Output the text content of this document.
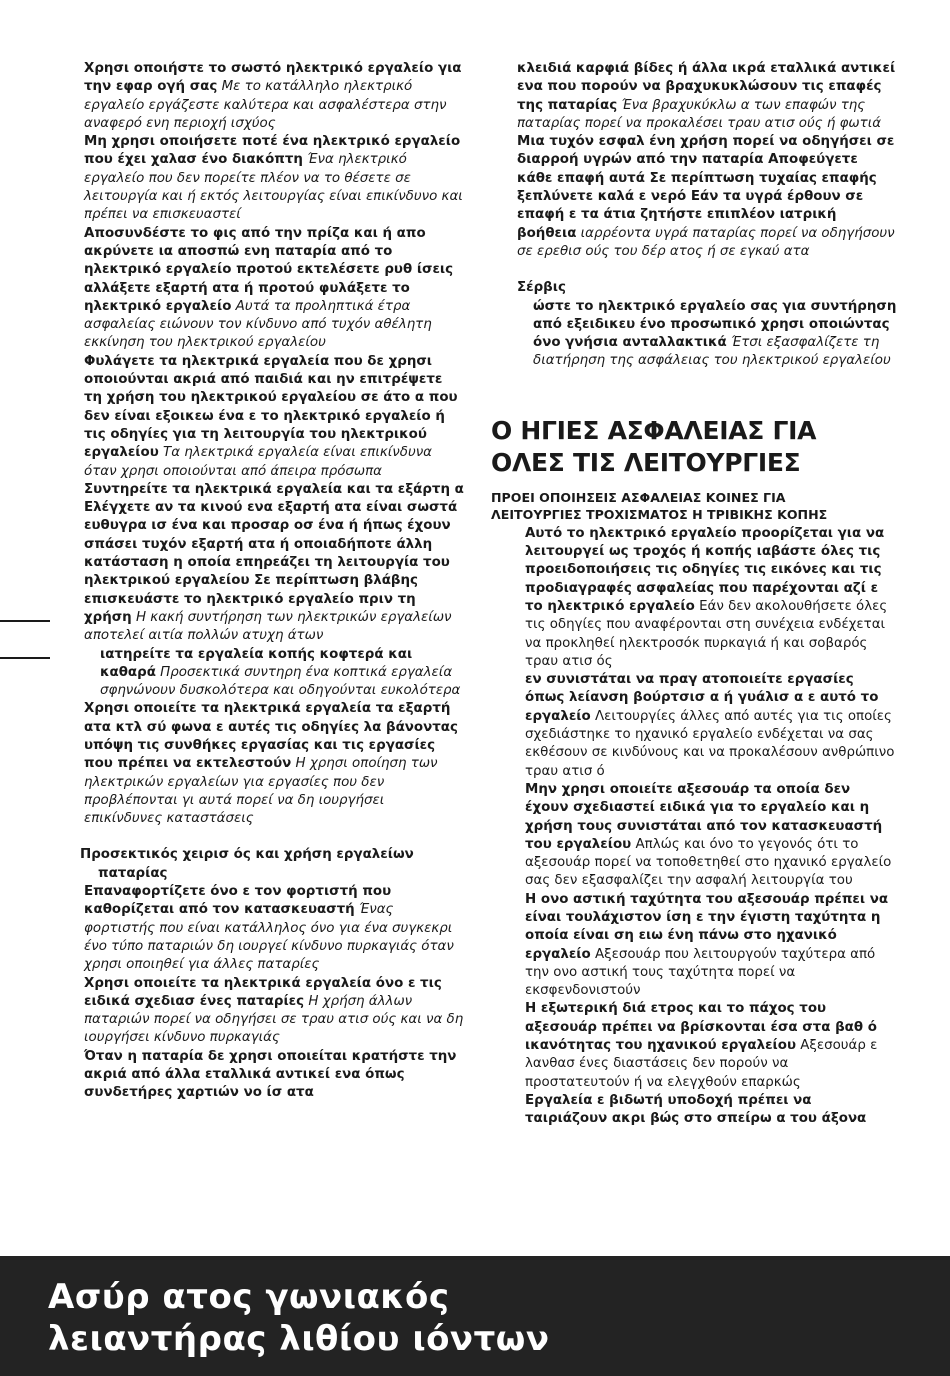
Χρησι οποιήστε το σωστό ηλεκτρικό εργαλείο για την εφαρ ογή σας Με το κατάλληλο ηλεκτρικό εργαλείο εργάζεστε καλύτερα και ασφαλέστερα στην αναφερό ενη περιοχή ισχύος

Μη χρησι οποιήσετε ποτέ ένα ηλεκτρικό εργαλείο που έχει χαλασ ένο διακόπτη Ένα ηλεκτρικό εργαλείο που δεν πορείτε πλέον να το θέσετε σε λειτουργία και ή εκτός λειτουργίας είναι επικίνδυνο και πρέπει να επισκευαστεί

Αποσυνδέστε το φις από την πρίζα και ή απο ακρύνετε ια αποσπώ ενη παταρία από το ηλεκτρικό εργαλείο προτού εκτελέσετε ρυθ ίσεις αλλάξετε εξαρτή ατα ή προτού φυλάξετε το ηλεκτρικό εργαλείο Αυτά τα προληπτικά έτρα ασφαλείας ειώνουν τον κίνδυνο από τυχόν αθέλητη εκκίνηση του ηλεκτρικού εργαλείου

Φυλάγετε τα ηλεκτρικά εργαλεία που δε χρησι οποιούνται ακριά από παιδιά και ην επιτρέψετε τη χρήση του ηλεκτρικού εργαλείου σε άτο α που δεν είναι εξοικεω ένα ε το ηλεκτρικό εργαλείο ή τις οδηγίες για τη λειτουργία του ηλεκτρικού εργαλείου Τα ηλεκτρικά εργαλεία είναι επικίνδυνα όταν χρησι οποιούνται από άπειρα πρόσωπα

Συντηρείτε τα ηλεκτρικά εργαλεία και τα εξάρτη α Ελέγχετε αν τα κινού ενα εξαρτή ατα είναι σωστά ευθυγρα ισ ένα και προσαρ οσ ένα ή ήπως έχουν σπάσει τυχόν εξαρτή ατα ή οποιαδήποτε άλλη κατάσταση η οποία επηρεάζει τη λειτουργία του ηλεκτρικού εργαλείου Σε περίπτωση βλάβης επισκευάστε το ηλεκτρικό εργαλείο πριν τη χρήση Η κακή συντήρηση των ηλεκτρικών εργαλείων αποτελεί αιτία πολλών ατυχη άτων

ιατηρείτε τα εργαλεία κοπής κοφτερά και καθαρά Προσεκτικά συντηρη ένα κοπτικά εργαλεία σφηνώνουν δυσκολότερα και οδηγούνται ευκολότερα

Χρησι οποιείτε τα ηλεκτρικά εργαλεία τα εξαρτή ατα κτλ σύ φωνα ε αυτές τις οδηγίες λα βάνοντας υπόψη τις συνθήκες εργασίας και τις εργασίες που πρέπει να εκτελεστούν Η χρησι οποίηση των ηλεκτρικών εργαλείων για εργασίες που δεν προβλέπονται γι αυτά πορεί να δη ιουργήσει επικίνδυνες καταστάσεις

Προσεκτικός χειρισ ός και χρήση εργαλείων
παταρίας

Επαναφορτίζετε όνο ε τον φορτιστή που καθορίζεται από τον κατασκευαστή Ένας φορτιστής που είναι κατάλληλος όνο για ένα συγκεκρι ένο τύπο παταριών δη ιουργεί κίνδυνο πυρκαγιάς όταν χρησι οποιηθεί για άλλες παταρίες

Χρησι οποιείτε τα ηλεκτρικά εργαλεία όνο ε τις ειδικά σχεδιασ ένες παταρίες Η χρήση άλλων παταριών πορεί να οδηγήσει σε τραυ ατισ ούς και να δη ιουργήσει κίνδυνο πυρκαγιάς

Όταν η παταρία δε χρησι οποιείται κρατήστε την ακριά από άλλα εταλλικά αντικεί ενα όπως συνδετήρες χαρτιών νο ίσ ατα

κλειδιά καρφιά βίδες ή άλλα ικρά εταλλικά αντικεί ενα που πορούν να βραχυκυκλώσουν τις επαφές της παταρίας Ένα βραχυκύκλω α των επαφών της παταρίας πορεί να προκαλέσει τραυ ατισ ούς ή φωτιά

Μια τυχόν εσφαλ ένη χρήση πορεί να οδηγήσει σε διαρροή υγρών από την παταρία Αποφεύγετε κάθε επαφή αυτά Σε περίπτωση τυχαίας επαφής ξεπλύνετε καλά ε νερό Εάν τα υγρά έρθουν σε επαφή ε τα άτια ζητήστε επιπλέον ιατρική βοήθεια ιαρρέοντα υγρά παταρίας πορεί να οδηγήσουν σε ερεθισ ούς του δέρ ατος ή σε εγκαύ ατα

Σέρβις

ώστε το ηλεκτρικό εργαλείο σας για συντήρηση από εξειδικευ ένο προσωπικό χρησι οποιώντας όνο γνήσια ανταλλακτικά Έτσι εξασφαλίζετε τη διατήρηση της ασφάλειας του ηλεκτρικού εργαλείου

Ο ΗΓΙΕΣ ΑΣΦΑΛΕΙΑΣ ΓΙΑ
ΟΛΕΣ ΤΙΣ ΛΕΙΤΟΥΡΓΙΕΣ
ΠΡΟΕΙ ΟΠΟΙΗΣΕΙΣ ΑΣΦΑΛΕΙΑΣ ΚΟΙΝΕΣ ΓΙΑ
ΛΕΙΤΟΥΡΓΙΕΣ ΤΡΟΧΙΣΜΑΤΟΣ Η ΤΡΙΒΙΚΗΣ ΚΟΠΗΣ

Αυτό το ηλεκτρικό εργαλείο προορίζεται για να λειτουργεί ως τροχός ή κοπής ιαβάστε όλες τις προειδοποιήσεις τις οδηγίες τις εικόνες και τις προδιαγραφές ασφαλείας που παρέχονται αζί ε το ηλεκτρικό εργαλείο Εάν δεν ακολουθήσετε όλες τις οδηγίες που αναφέρονται στη συνέχεια ενδέχεται να προκληθεί ηλεκτροσόκ πυρκαγιά ή και σοβαρός τραυ ατισ ός

εν συνιστάται να πραγ ατοποιείτε εργασίες όπως λείανση βούρτσισ α ή γυάλισ α ε αυτό το εργαλείο Λειτουργίες άλλες από αυτές για τις οποίες σχεδιάστηκε το ηχανικό εργαλείο ενδέχεται να σας εκθέσουν σε κινδύνους και να προκαλέσουν ανθρώπινο τραυ ατισ ό

Μην χρησι οποιείτε αξεσουάρ τα οποία δεν έχουν σχεδιαστεί ειδικά για το εργαλείο και η χρήση τους συνιστάται από τον κατασκευαστή του εργαλείου Απλώς και όνο το γεγονός ότι το αξεσουάρ πορεί να τοποθετηθεί στο ηχανικό εργαλείο σας δεν εξασφαλίζει την ασφαλή λειτουργία του

Η ονο αστική ταχύτητα του αξεσουάρ πρέπει να είναι τουλάχιστον ίση ε την έγιστη ταχύτητα η οποία είναι ση ειω ένη πάνω στο ηχανικό εργαλείο Αξεσουάρ που λειτουργούν ταχύτερα από την ονο αστική τους ταχύτητα πορεί να εκσφενδονιστούν

Η εξωτερική διά ετρος και το πάχος του αξεσουάρ πρέπει να βρίσκονται έσα στα βαθ ό ικανότητας του ηχανικού εργαλείου Αξεσουάρ ε λανθασ ένες διαστάσεις δεν πορούν να προστατευτούν ή να ελεγχθούν επαρκώς

Εργαλεία ε βιδωτή υποδοχή πρέπει να ταιριάζουν ακρι βώς στο σπείρω α του άξονα

Ασύρ ατος γωνιακός
λειαντήρας λιθίου ιόντων
